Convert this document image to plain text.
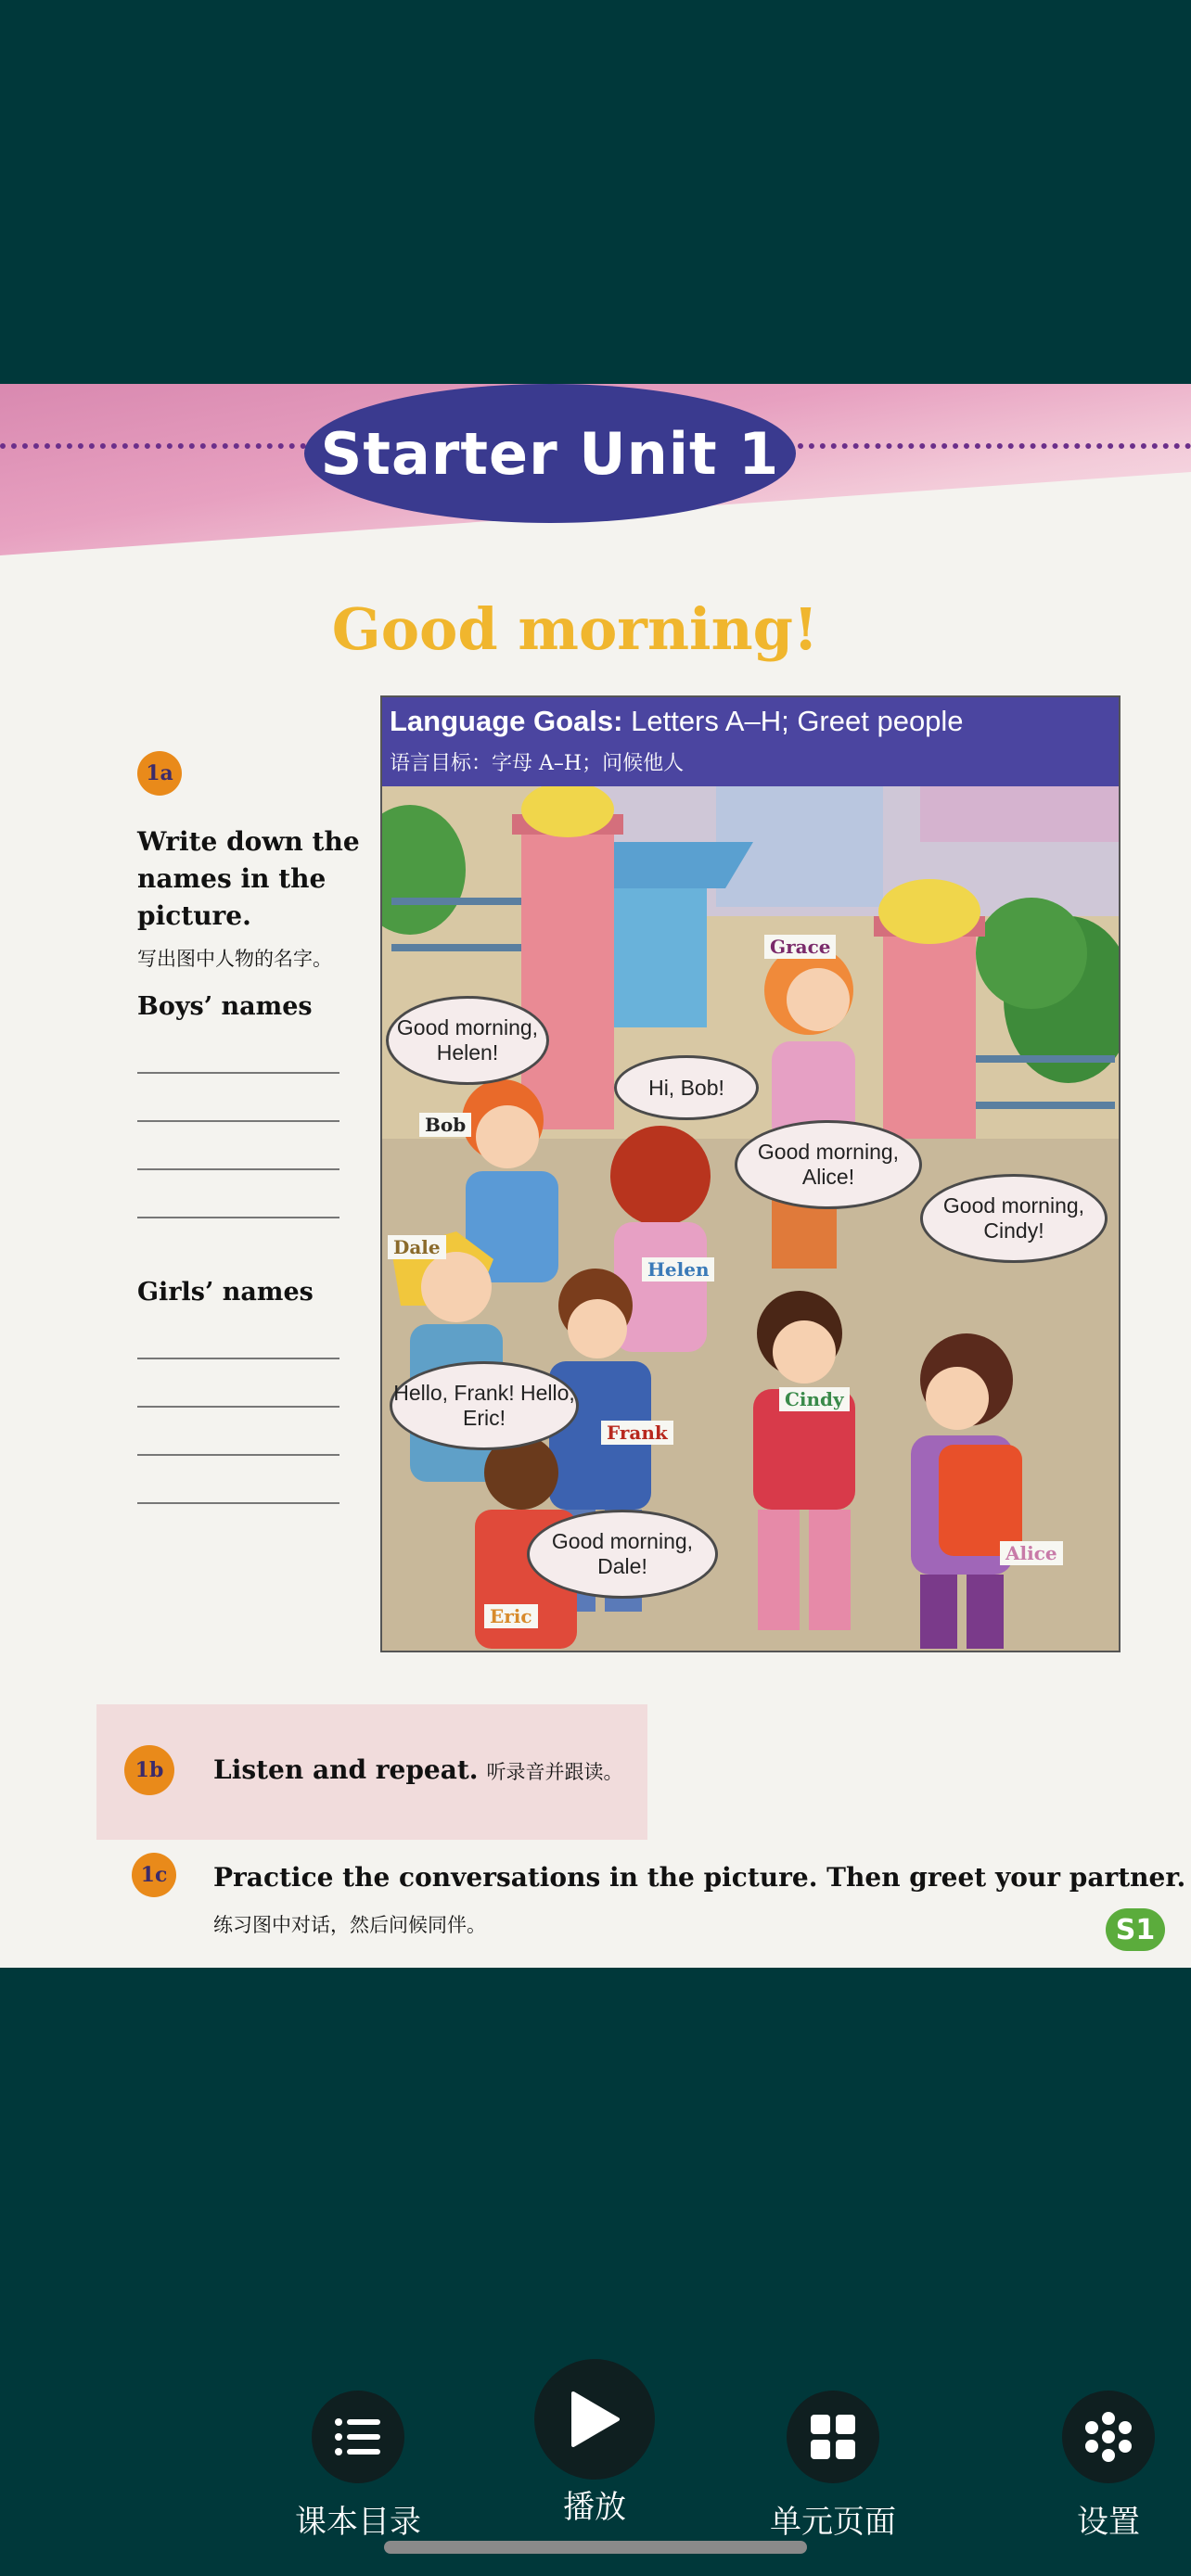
Starter Unit 1
Good morning!
Language Goals: Letters A–H; Greet people
语言目标：字母 A–H；问候他人
Good morning, Helen!
Hi, Bob!
Good morning, Alice!
Good morning, Cindy!
Hello, Frank! Hello, Eric!
Good morning, Dale!
Grace
Bob
Dale
Helen
Cindy
Frank
Alice
Eric
1a
Write down the names in the picture.
写出图中人物的名字。
Boys’ names
Girls’ names
1b	Listen and repeat. 听录音并跟读。
1c	Practice the conversations in the picture. Then greet your partner.
练习图中对话，然后问候同伴。	S1
课本目录	播放	单元页面	设置
